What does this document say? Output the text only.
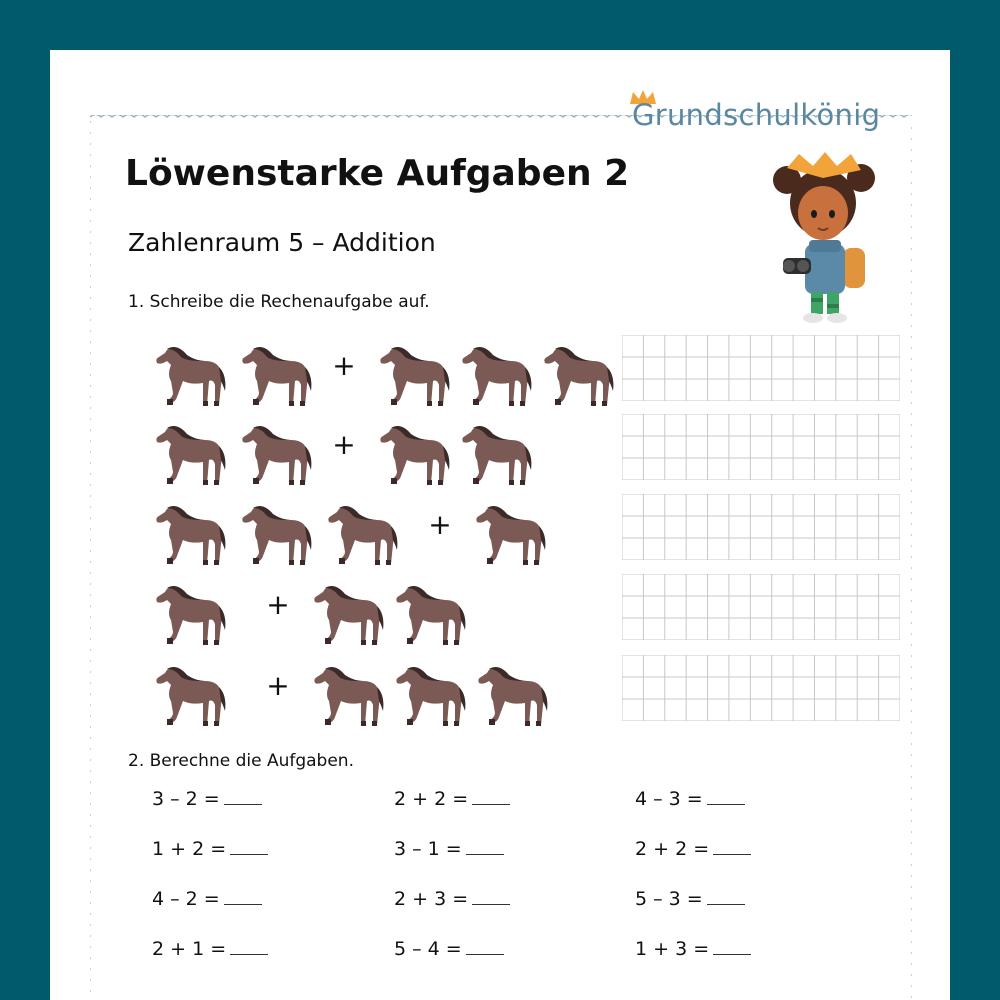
Grundschulkönig
Löwenstarke Aufgaben 2
Zahlenraum 5 – Addition
1. Schreibe die Rechenaufgabe auf.
+
+
+
+
+
2. Berechne die Aufgaben.
3 – 2 =
1 + 2 =
4 – 2 =
2 + 1 =
2 + 2 =
3 – 1 =
2 + 3 =
5 – 4 =
4 – 3 =
2 + 2 =
5 – 3 =
1 + 3 =
